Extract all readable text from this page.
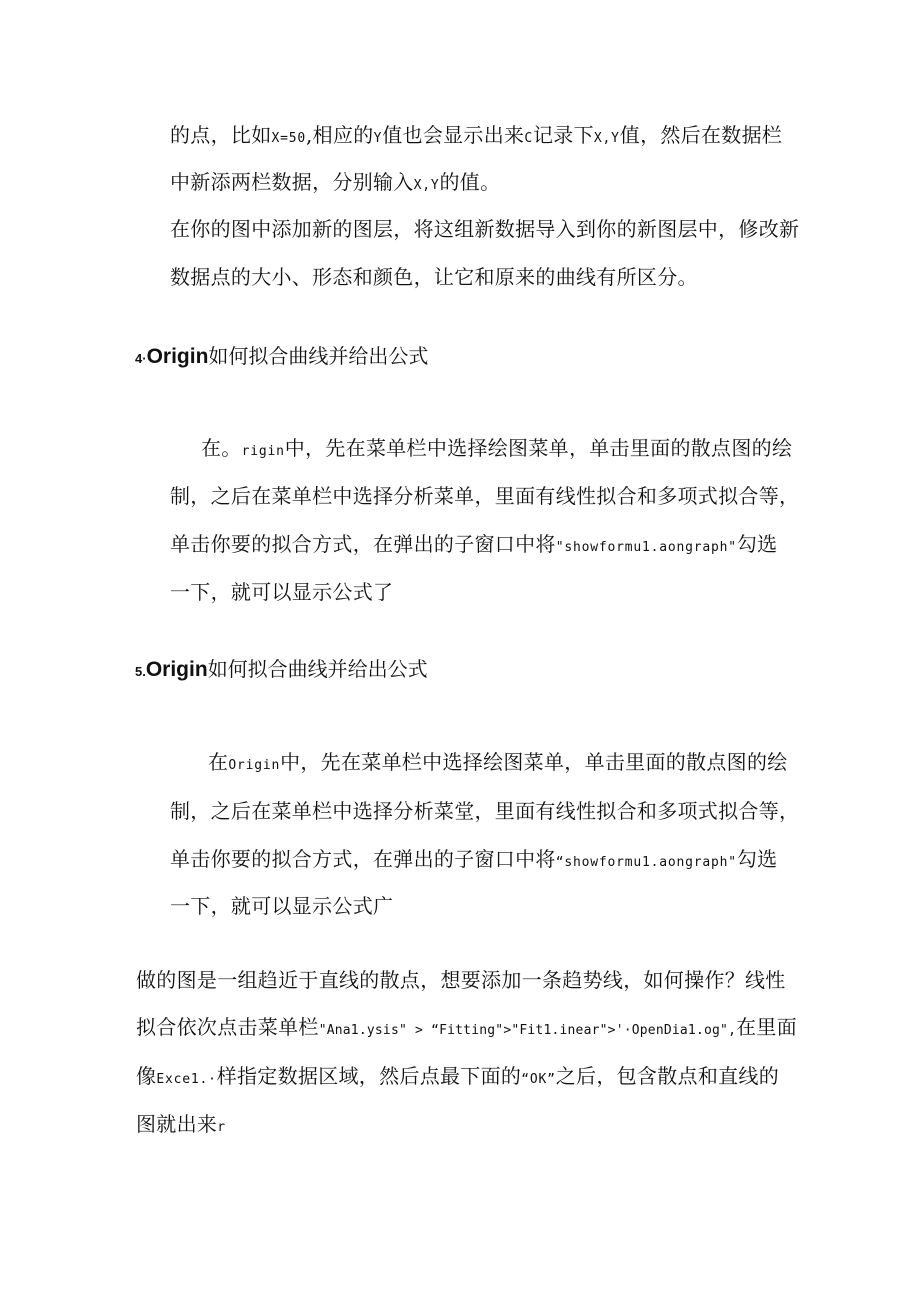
的点，比如X=50,相应的Y值也会显示出来C记录下X,Y值，然后在数据栏
中新添两栏数据，分别输入X,Y的值。
在你的图中添加新的图层，将这组新数据导入到你的新图层中，修改新
数据点的大小、形态和颜色，让它和原来的曲线有所区分。
4·Origin如何拟合曲线并给出公式
在。rigin中，先在菜单栏中选择绘图菜单，单击里面的散点图的绘
制，之后在菜单栏中选择分析菜单，里面有线性拟合和多项式拟合等，
单击你要的拟合方式，在弹出的子窗口中将"showformu1.aongraph"勾选
一下，就可以显示公式了
5.Origin如何拟合曲线并给出公式
在Origin中，先在菜单栏中选择绘图菜单，单击里面的散点图的绘
制，之后在菜单栏中选择分析菜堂，里面有线性拟合和多项式拟合等，
单击你要的拟合方式，在弹出的子窗口中将“showformu1.aongraph"勾选
一下，就可以显示公式广
做的图是一组趋近于直线的散点，想要添加一条趋势线，如何操作？线性
拟合依次点击菜单栏"Ana1.ysis" > “Fitting">"Fit1.inear">'·OpenDia1.og",在里面
像Exce1.·样指定数据区域，然后点最下面的“OK”之后，包含散点和直线的
图就出来r
